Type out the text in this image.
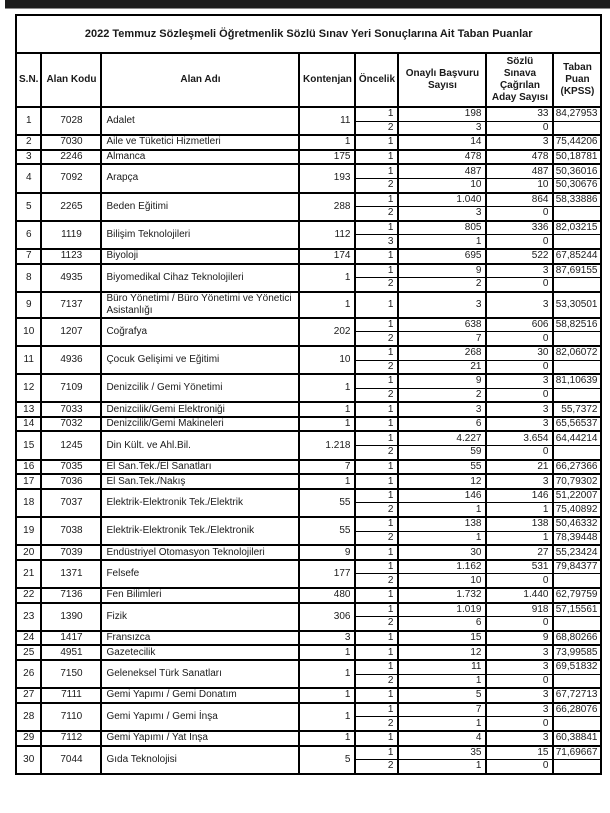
2022 Temmuz Sözleşmeli Öğretmenlik Sözlü Sınav Yeri Sonuçlarına Ait Taban Puanlar							
S.N.	Alan Kodu	Alan Adı	Kontenjan	Öncelik	Onaylı Başvuru Sayısı	Sözlü Sınava Çağrılan Aday Sayısı	Taban Puan (KPSS)
1	7028	Adalet	11	1	198	33	84,27953
				2	3	0	
2	7030	Aile ve Tüketici Hizmetleri	1	1	14	3	75,44206
3	2246	Almanca	175	1	478	478	50,18781
4	7092	Arapça	193	1	487	487	50,36016
				2	10	10	50,30676
5	2265	Beden Eğitimi	288	1	1.040	864	58,33886
				2	3	0	
6	1119	Bilişim Teknolojileri	112	1	805	336	82,03215
				3	1	0	
7	1123	Biyoloji	174	1	695	522	67,85244
8	4935	Biyomedikal Cihaz Teknolojileri	1	1	9	3	87,69155
				2	2	0	
9	7137	Büro Yönetimi / Büro Yönetimi ve Yönetici Asistanlığı	1	1	3	3	53,30501
10	1207	Coğrafya	202	1	638	606	58,82516
				2	7	0	
11	4936	Çocuk Gelişimi ve Eğitimi	10	1	268	30	82,06072
				2	21	0	
12	7109	Denizcilik / Gemi Yönetimi	1	1	9	3	81,10639
				2	2	0	
13	7033	Denizcilik/Gemi Elektroniği	1	1	3	3	55,7372
14	7032	Denizcilik/Gemi Makineleri	1	1	6	3	65,56537
15	1245	Din Kült. ve Ahl.Bil.	1.218	1	4.227	3.654	64,44214
				2	59	0	
16	7035	El San.Tek./El Sanatları	7	1	55	21	66,27366
17	7036	El San.Tek./Nakış	1	1	12	3	70,79302
18	7037	Elektrik-Elektronik Tek./Elektrik	55	1	146	146	51,22007
				2	1	1	75,40892
19	7038	Elektrik-Elektronik Tek./Elektronik	55	1	138	138	50,46332
				2	1	1	78,39448
20	7039	Endüstriyel Otomasyon Teknolojileri	9	1	30	27	55,23424
21	1371	Felsefe	177	1	1.162	531	79,84377
				2	10	0	
22	7136	Fen Bilimleri	480	1	1.732	1.440	62,79759
23	1390	Fizik	306	1	1.019	918	57,15561
				2	6	0	
24	1417	Fransızca	3	1	15	9	68,80266
25	4951	Gazetecilik	1	1	12	3	73,99585
26	7150	Geleneksel Türk Sanatları	1	1	11	3	69,51832
				2	1	0	
27	7111	Gemi Yapımı / Gemi Donatım	1	1	5	3	67,72713
28	7110	Gemi Yapımı / Gemi İnşa	1	1	7	3	66,28076
				2	1	0	
29	7112	Gemi Yapımı / Yat İnşa	1	1	4	3	60,38841
30	7044	Gıda Teknolojisi	5	1	35	15	71,69667
				2	1	0	
